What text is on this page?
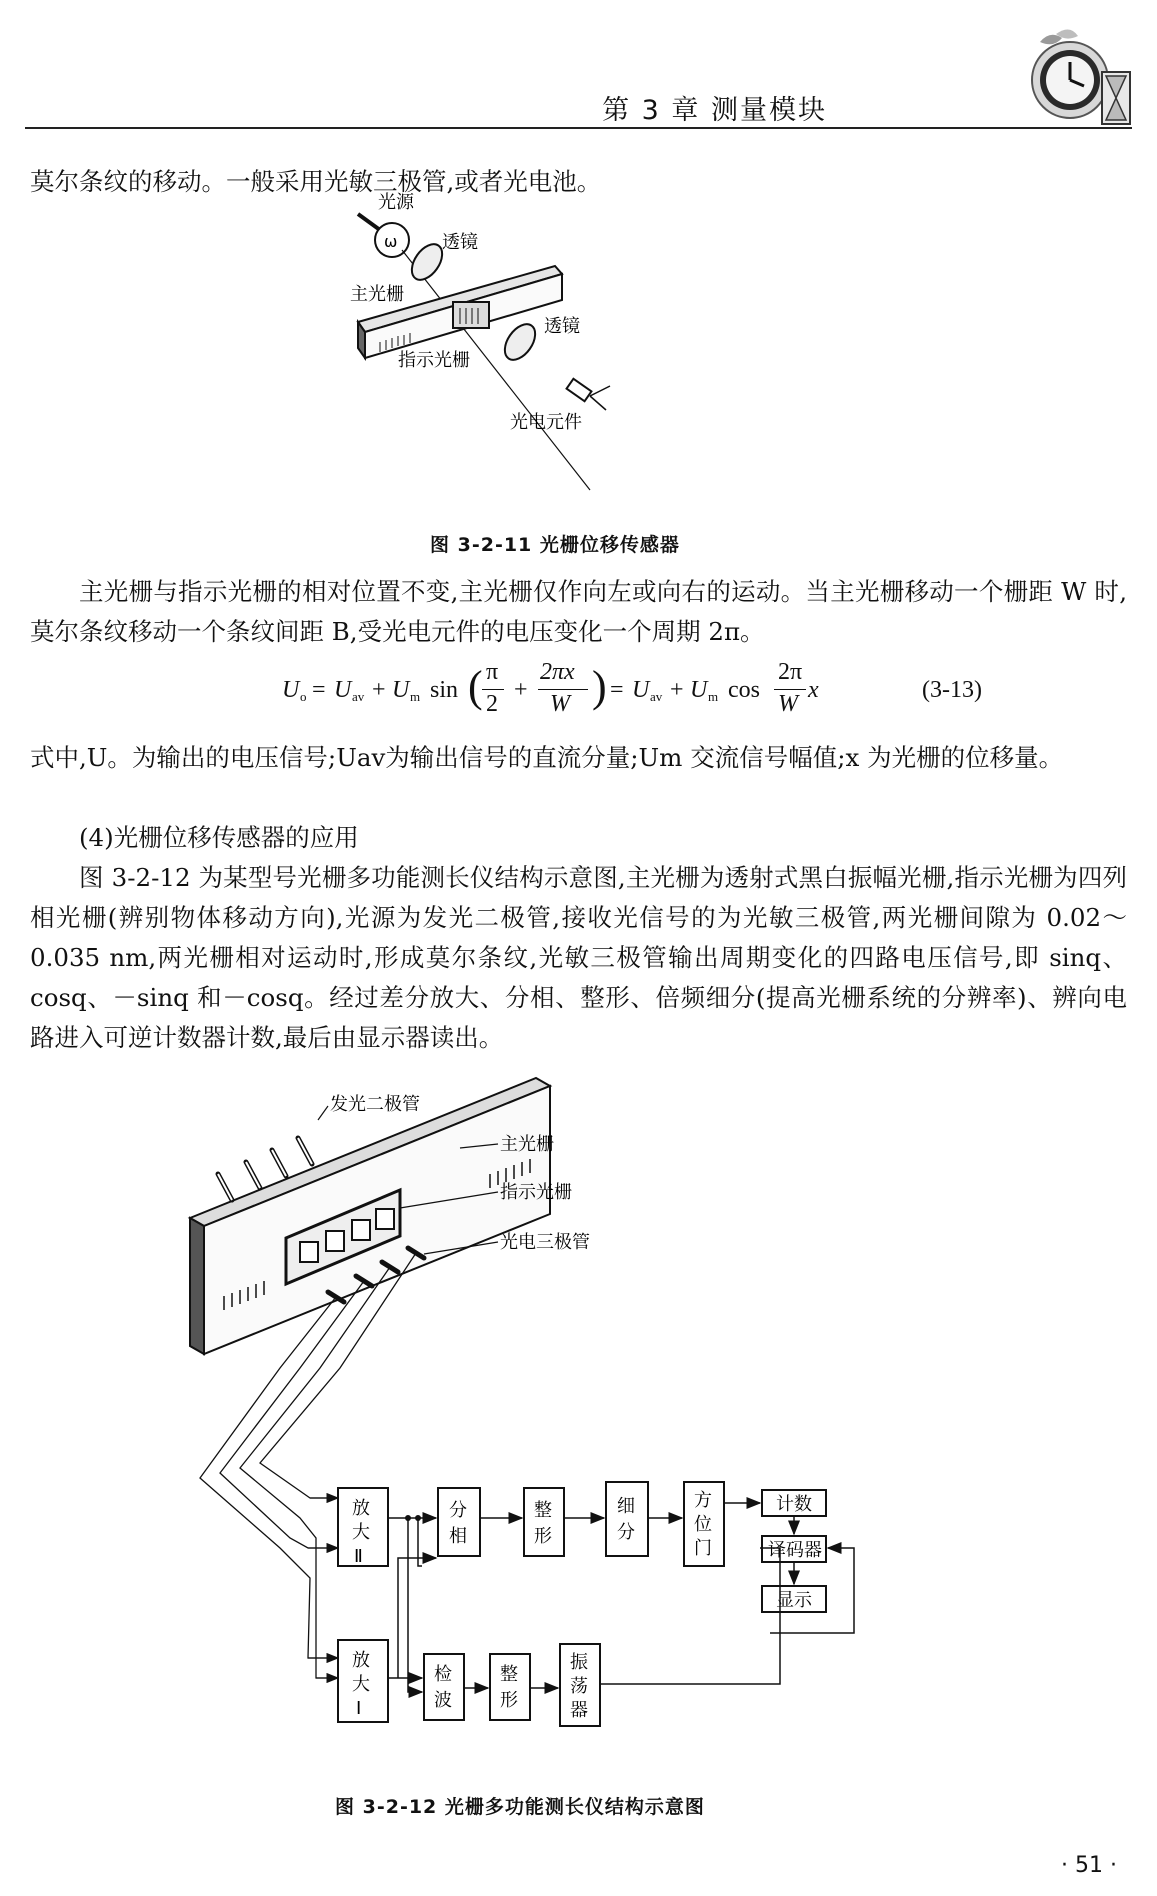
第 3 章 测量模块
莫尔条纹的移动。一般采用光敏三极管,或者光电池。
ω
光源
透镜
主光栅
指示光栅
透镜
光电元件
图 3-2-11 光栅位移传感器
主光栅与指示光栅的相对位置不变,主光栅仅作向左或向右的运动。当主光栅移动一个栅距 W 时,莫尔条纹移动一个条纹间距 B,受光电元件的电压变化一个周期 2π。
U o = U av + U m sin ( π
2
+
2πx
W ) = U av + U m cos
2π
W
x	(3-13)
式中,U。为输出的电压信号;Uav为输出信号的直流分量;Um 交流信号幅值;x 为光栅的位移量。
(4)光栅位移传感器的应用
图 3-2-12 为某型号光栅多功能测长仪结构示意图,主光栅为透射式黑白振幅光栅,指示光栅为四列相光栅(辨别物体移动方向),光源为发光二极管,接收光信号的为光敏三极管,两光栅间隙为 0.02～0.035 nm,两光栅相对运动时,形成莫尔条纹,光敏三极管输出周期变化的四路电压信号,即 sinq、cosq、－sinq 和－cosq。经过差分放大、分相、整形、倍频细分(提高光栅系统的分辨率)、辨向电路进入可逆计数器计数,最后由显示器读出。
发光二极管
主光栅
指示光栅
光电三极管
放
大
Ⅱ
分
相
整
形
细
分
方
位
门
计数
译码器
显示
放
大
Ⅰ
检
波
整
形
振
荡
器
图 3-2-12 光栅多功能测长仪结构示意图
· 51 ·
